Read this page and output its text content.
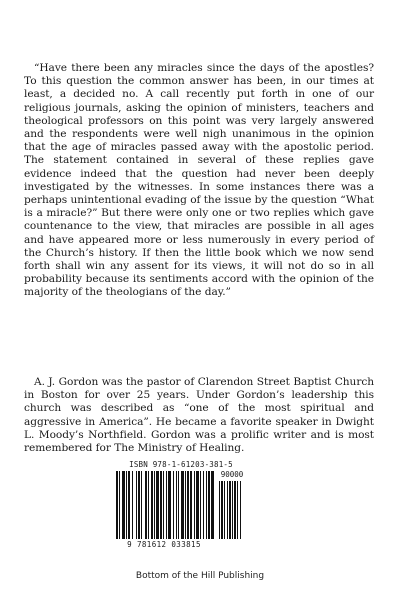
“Have there been any miracles since the days of the apostles? To this question the common answer has been, in our times at least, a decided no. A call recently put forth in one of our religious journals, asking the opinion of ministers, teachers and theological professors on this point was very largely answered and the respondents were well nigh unanimous in the opinion that the age of miracles passed away with the apostolic period. The statement contained in several of these replies gave evidence indeed that the question had never been deeply investigated by the witnesses. In some instances there was a perhaps unintentional evading of the issue by the question “What is a miracle?” But there were only one or two replies which gave countenance to the view, that miracles are possible in all ages and have appeared more or less numerously in every period of the Church’s history. If then the little book which we now send forth shall win any assent for its views, it will not do so in all probability because its sentiments accord with the opinion of the majority of the theologians of the day.”

A. J. Gordon was the pastor of Clarendon Street Baptist Church in Boston for over 25 years. Under Gordon’s leadership this church was described as “one of the most spiritual and aggressive in America”. He became a favorite speaker in Dwight L. Moody’s Northfield. Gordon was a prolific writer and is most remembered for The Ministry of Healing.

ISBN 978-1-61203-381-5
90000
9 781612 033815
Bottom of the Hill Publishing
